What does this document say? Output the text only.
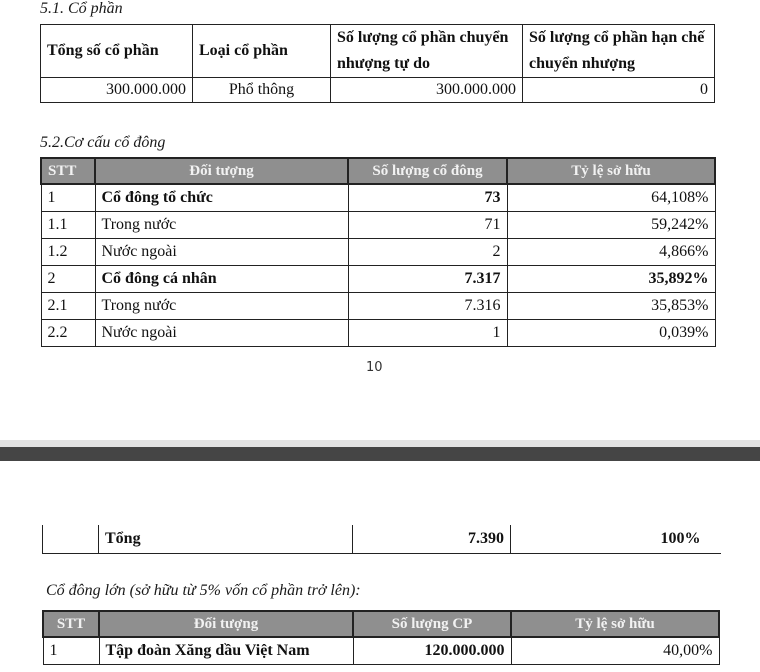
5.1. Cổ phần
Tổng số cổ phần	Loại cổ phần	Số lượng cổ phần chuyển nhượng tự do	Số lượng cổ phần hạn chế chuyển nhượng
300.000.000	Phổ thông	300.000.000	0
5.2.Cơ cấu cổ đông
STT	Đối tượng	Số lượng cổ đông	Tỷ lệ sở hữu
1	Cổ đông tổ chức	73	64,108%
1.1	Trong nước	71	59,242%
1.2	Nước ngoài	2	4,866%
2	Cổ đông cá nhân	7.317	35,892%
2.1	Trong nước	7.316	35,853%
2.2	Nước ngoài	1	0,039%
10
	Tổng	7.390	100%
Cổ đông lớn (sở hữu từ 5% vốn cổ phần trở lên):
STT	Đối tượng	Số lượng CP	Tỷ lệ sở hữu
1	Tập đoàn Xăng dầu Việt Nam	120.000.000	40,00%
